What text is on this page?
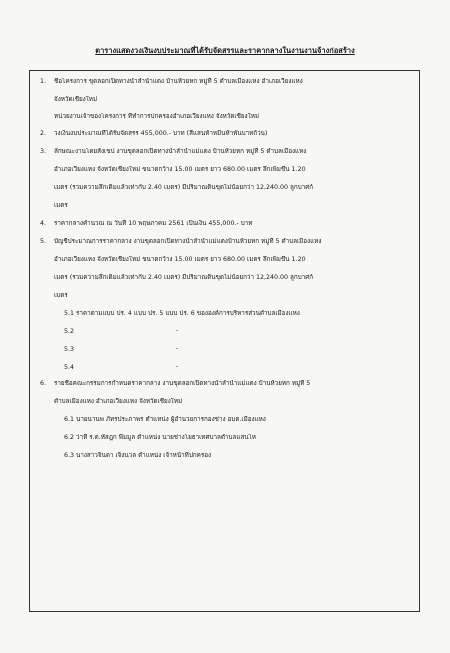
ตารางแสดงวงเงินงบประมาณที่ได้รับจัดสรรและราคากลางในงานงานจ้างก่อสร้าง
1. ชื่อโครงการ ขุดลอกเปิดทางน้ำลำน้ำแตง บ้านห้วยหก หมู่ที่ 5 ตำบลเมืองแหง อำเภอเวียงแหง
จังหวัดเชียงใหม่
หน่วยงานเจ้าของโครงการ ที่ทำการปกครองอำเภอเวียงแหง จังหวัดเชียงใหม่
2. วงเงินงบประมาณที่ได้รับจัดสรร 455,000.- บาท (สี่แสนห้าหมื่นห้าพันบาทถ้วน)
3. ลักษณะงานโดยสังเขป งานขุดลอกเปิดทางน้ำลำน้ำแม่แตง บ้านห้วยหก หมู่ที่ 5 ตำบลเมืองแหง
อำเภอเวียงแหง จังหวัดเชียงใหม่ ขนาดกว้าง 15.00 เมตร ยาว 680.00 เมตร ลึกเพิ่มขึ้น 1.20
เมตร (รวมความลึกเดิมแล้วเท่ากับ 2.40 เมตร) มีปริมาณดินขุดไม่น้อยกว่า 12,240.00 ลูกบาศก์
เมตร
4. ราคากลางคำนวณ ณ วันที่ 10 พฤษภาคม 2561 เป็นเงิน 455,000.- บาท
5. บัญชีประมาณการราคากลาง งานขุดลอกเปิดทางน้ำลำน้ำแม่แตงบ้านห้วยหก หมู่ที่ 5 ตำบลเมืองแหง
อำเภอเวียงแหง จังหวัดเชียงใหม่ ขนาดกว้าง 15.00 เมตร ยาว 680.00 เมตร ลึกเพิ่มขึ้น 1.20
เมตร (รวมความลึกเดิมแล้วเท่ากับ 2.40 เมตร) มีปริมาณดินขุดไม่น้อยกว่า 12,240.00 ลูกบาศก์
เมตร
5.1 ราคาตามแบบ ปร. 4 แบบ ปร. 5 แบบ ปร. 6 ขององค์การบริหารส่วนตำบลเมืองแหง
5.2	-
5.3	-
5.4	-
6. รายชื่อคณะกรรมการกำหนดราคากลาง งานขุดลอกเปิดทางน้ำลำน้ำแม่แตง บ้านห้วยหก หมู่ที่ 5
ตำบลเมืองแหง อำเภอเวียงแหง จังหวัดเชียงใหม่
6.1 นายนานพ ภัทรประภาพร ตำแหน่ง ผู้อำนวยการกองช่าง อบต.เมืองแหง
6.2 ว่าที่ ร.ต.หัสฎก พึ่มมูล ตำแหน่ง นายช่างโยธาเทศบาลตำบลแสนไห
6.3 นางสาวจินดา เจิงนวล ตำแหน่ง เจ้าหน้าที่ปกครอง
